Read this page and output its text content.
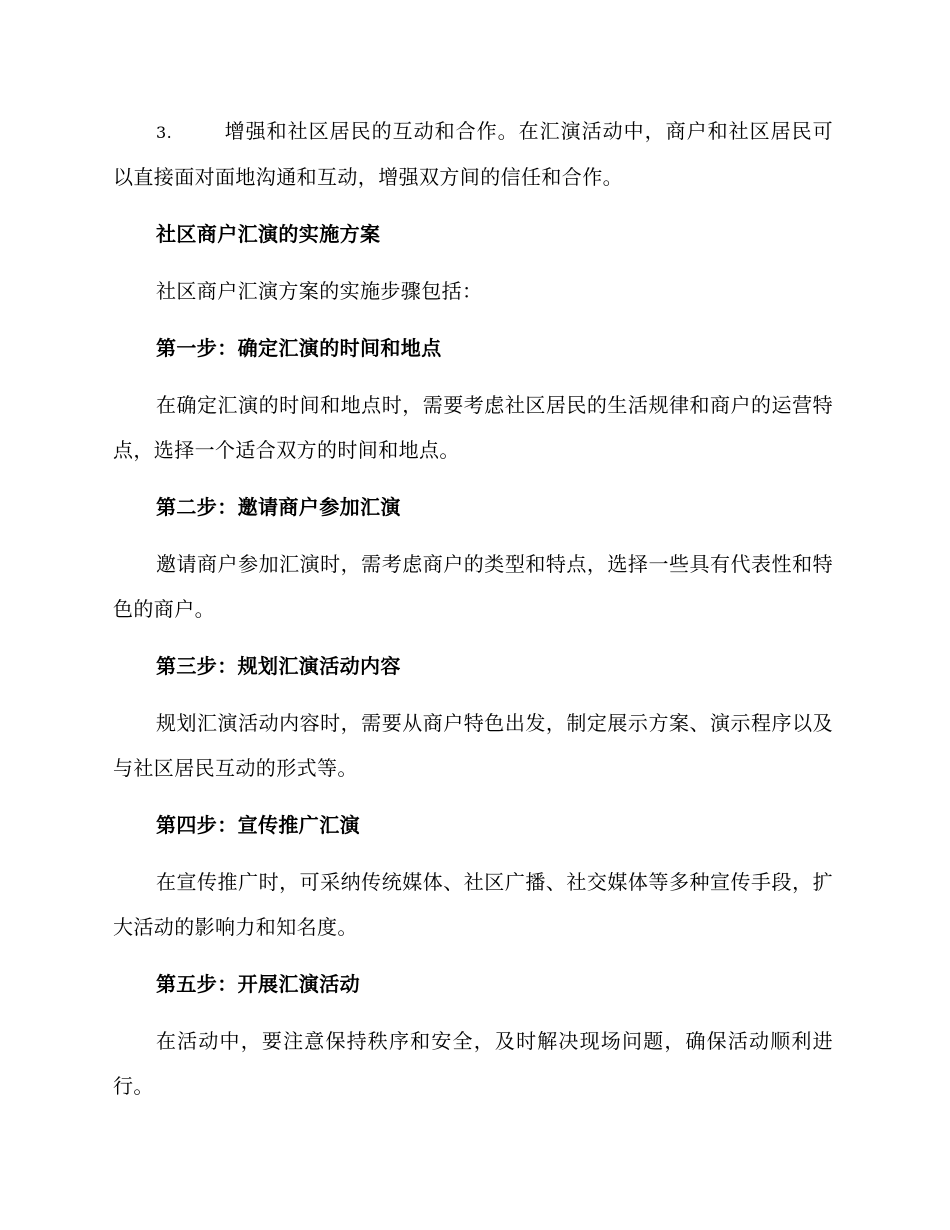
3.	增强和社区居民的互动和合作。在汇演活动中，商户和社区居民可以直接面对面地沟通和互动，增强双方间的信任和合作。

社区商户汇演的实施方案

社区商户汇演方案的实施步骤包括：

第一步：确定汇演的时间和地点

在确定汇演的时间和地点时，需要考虑社区居民的生活规律和商户的运营特点，选择一个适合双方的时间和地点。

第二步：邀请商户参加汇演

邀请商户参加汇演时，需考虑商户的类型和特点，选择一些具有代表性和特色的商户。

第三步：规划汇演活动内容

规划汇演活动内容时，需要从商户特色出发，制定展示方案、演示程序以及与社区居民互动的形式等。

第四步：宣传推广汇演

在宣传推广时，可采纳传统媒体、社区广播、社交媒体等多种宣传手段，扩大活动的影响力和知名度。

第五步：开展汇演活动

在活动中，要注意保持秩序和安全，及时解决现场问题，确保活动顺利进行。
